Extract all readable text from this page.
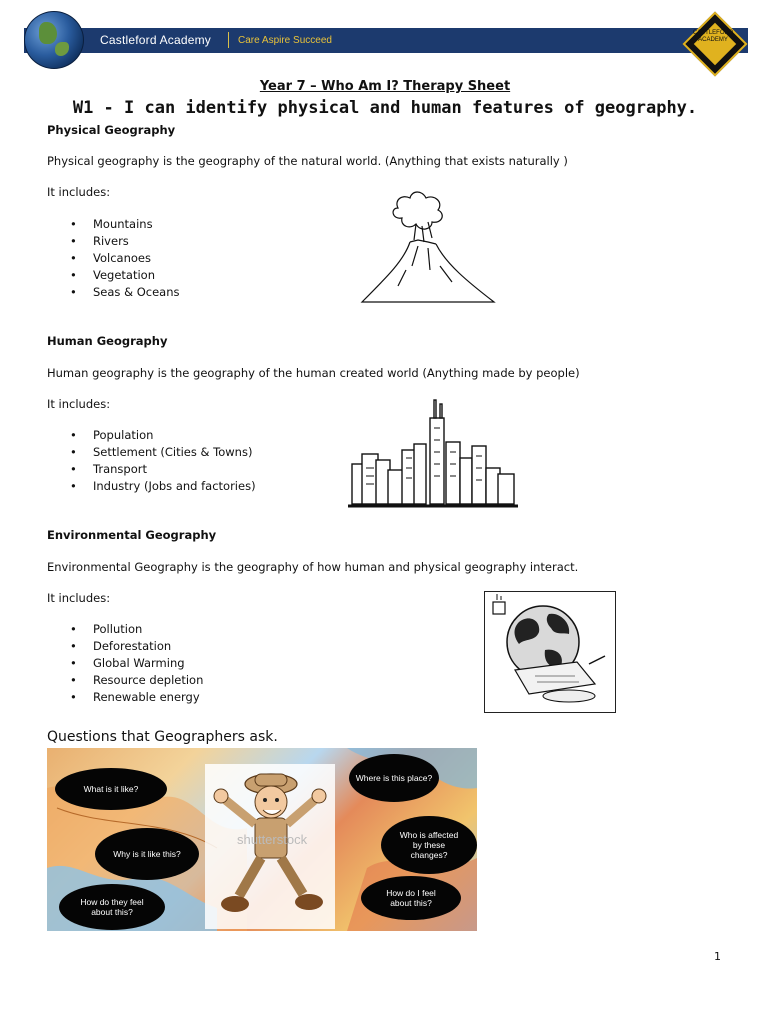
Castleford Academy	Care Aspire Succeed
CASTLEFORD ACADEMY
Year 7 – Who Am I? Therapy Sheet
W1 - I can identify physical and human features of geography.
Physical Geography
Physical geography is the geography of the natural world. (Anything that exists naturally )
It includes:
• Mountains
• Rivers
• Volcanoes
• Vegetation
• Seas & Oceans
Human Geography
Human geography is the geography of the human created world (Anything made by people)
It includes:
• Population
• Settlement (Cities & Towns)
• Transport
• Industry (Jobs and factories)
Environmental Geography
Environmental Geography is the geography of how human and physical geography interact.
It includes:
• Pollution
• Deforestation
• Global Warming
• Resource depletion
• Renewable energy
Questions that Geographers ask.
shutterstock
What is it like?
Where is this place?
Why is it like this?
Who is affected by these changes?
How do they feel about this?
How do I feel about this?
1
